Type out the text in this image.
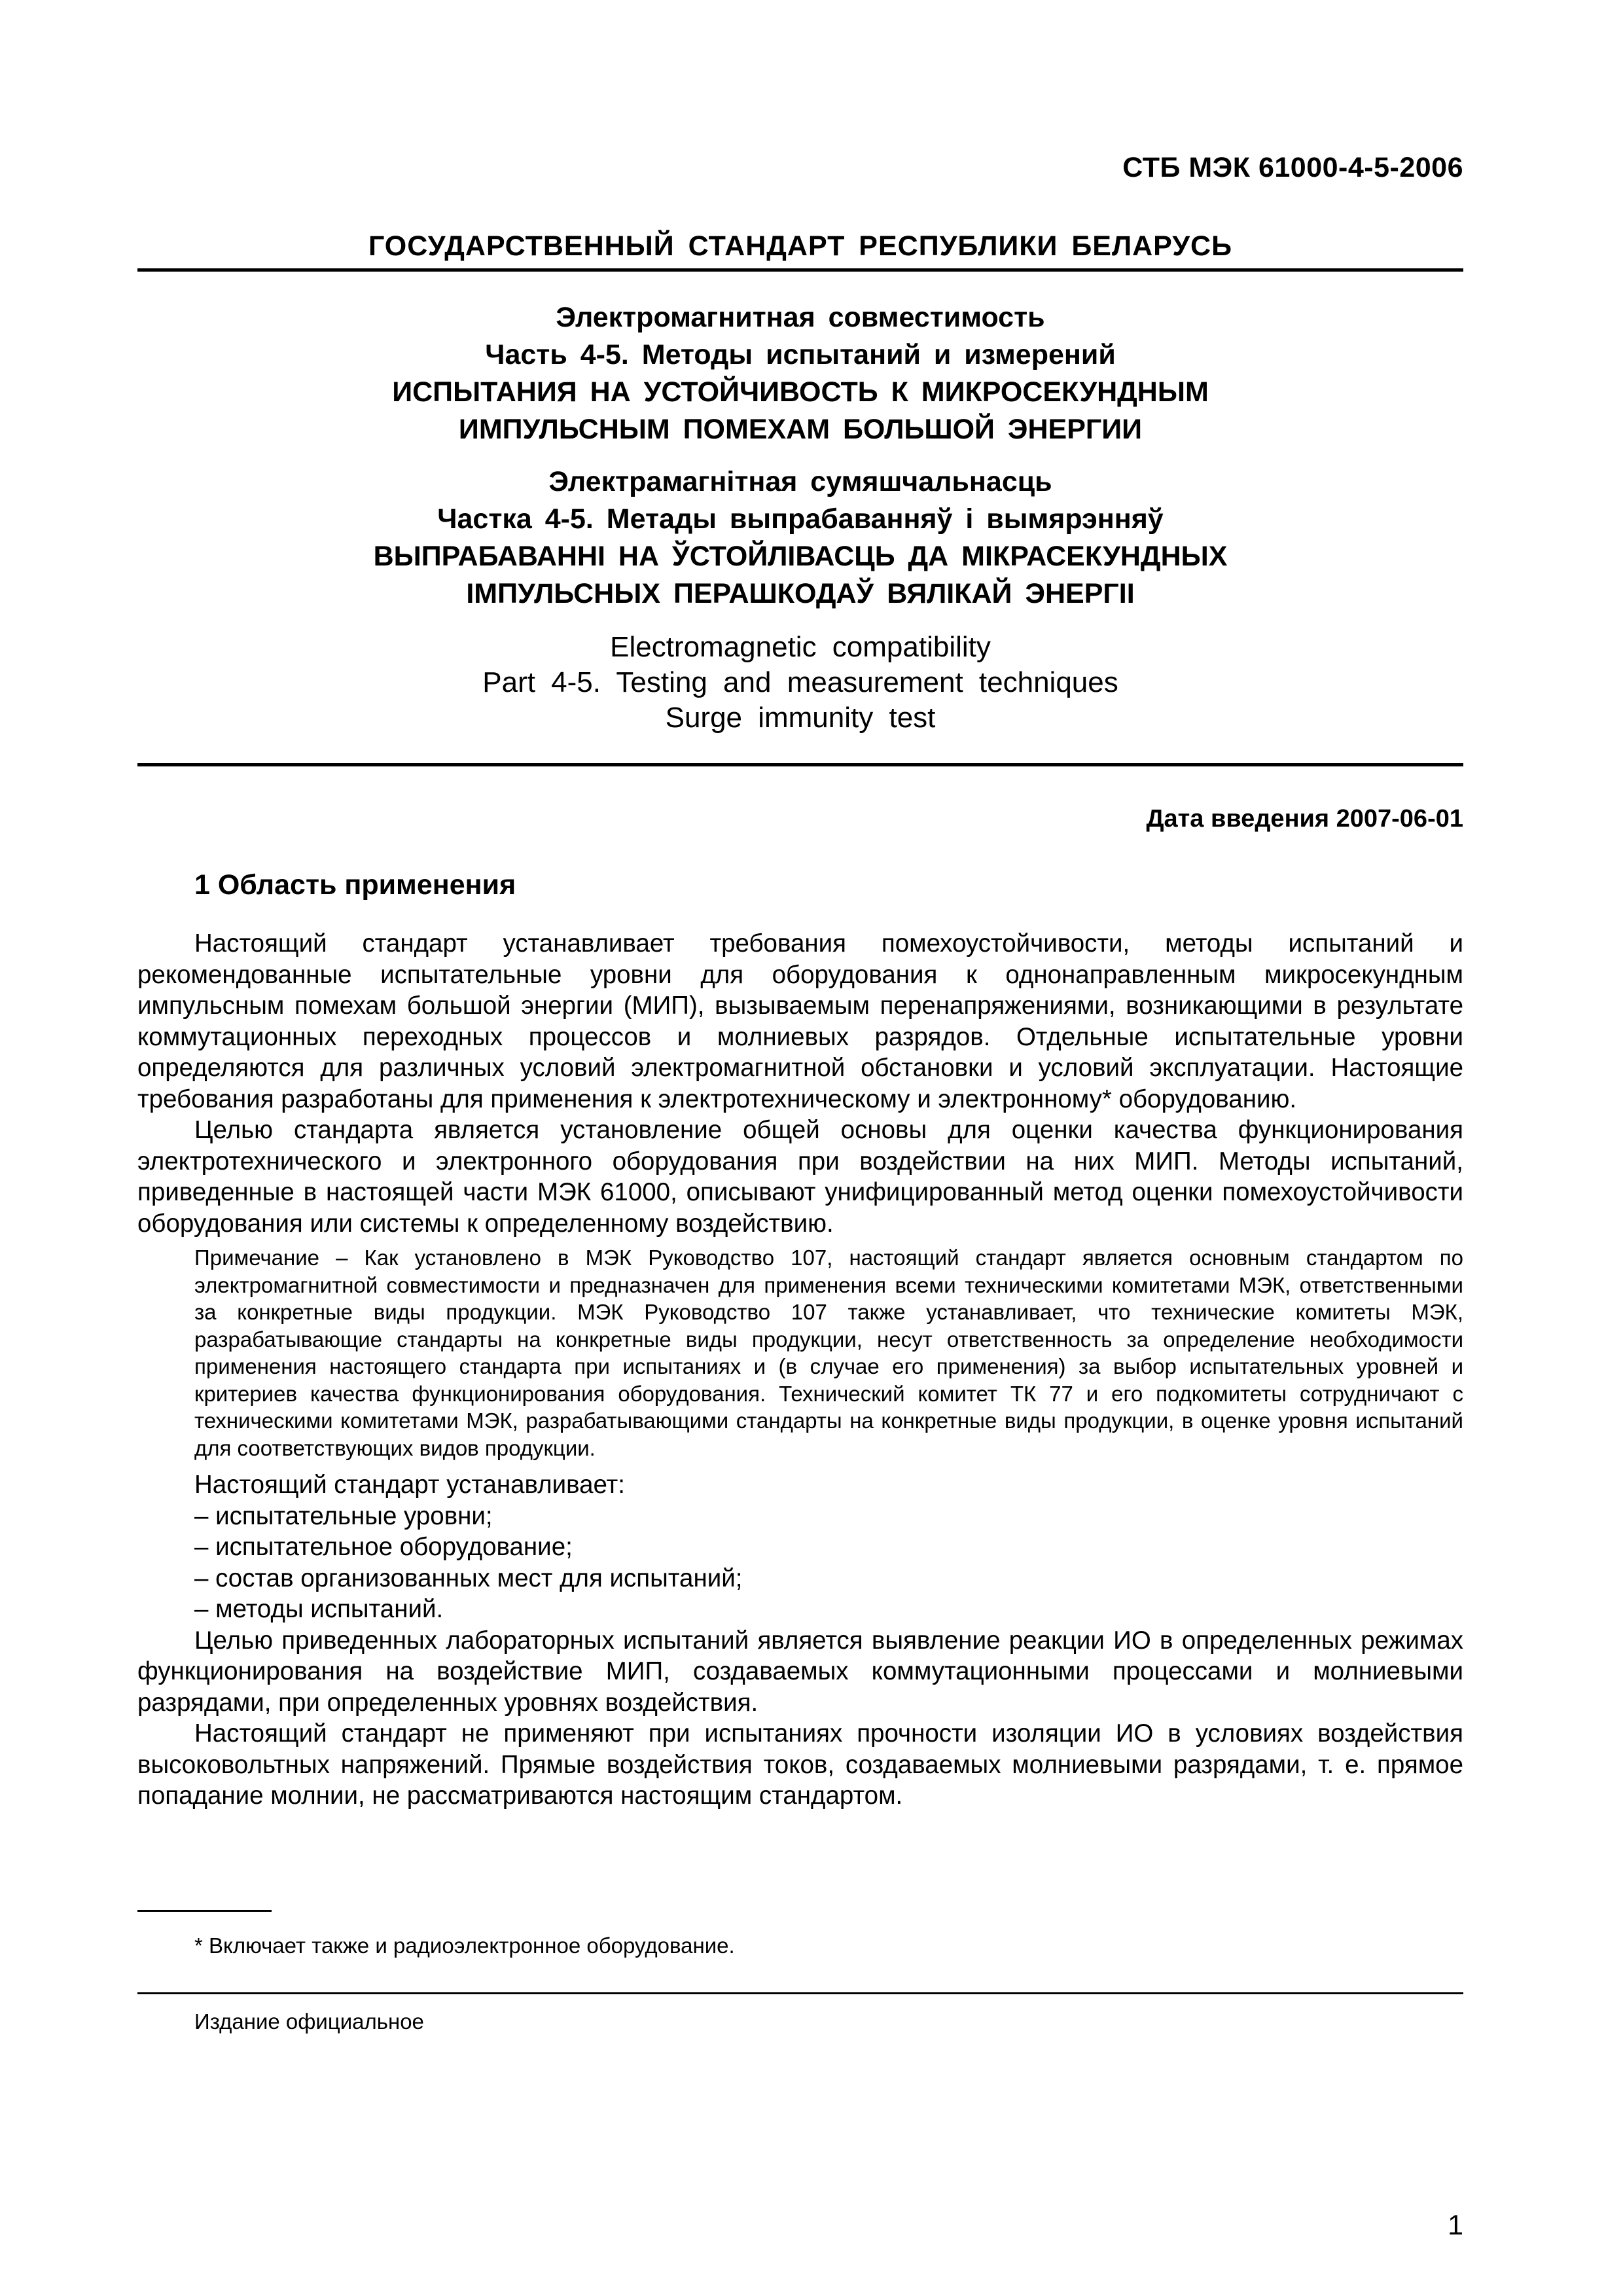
СТБ МЭК 61000-4-5-2006
ГОСУДАРСТВЕННЫЙ СТАНДАРТ РЕСПУБЛИКИ БЕЛАРУСЬ
Электромагнитная совместимость
Часть 4-5. Методы испытаний и измерений
ИСПЫТАНИЯ НА УСТОЙЧИВОСТЬ К МИКРОСЕКУНДНЫМ
ИМПУЛЬСНЫМ ПОМЕХАМ БОЛЬШОЙ ЭНЕРГИИ
Электрамагнітная сумяшчальнасць
Частка 4-5. Метады выпрабаванняў і вымярэнняў
ВЫПРАБАВАННІ НА ЎСТОЙЛІВАСЦЬ ДА МІКРАСЕКУНДНЫХ
ІМПУЛЬСНЫХ ПЕРАШКОДАЎ ВЯЛІКАЙ ЭНЕРГІІ
Electromagnetic compatibility
Part 4-5. Testing and measurement techniques
Surge immunity test
Дата введения 2007-06-01
1 Область применения

Настоящий стандарт устанавливает требования помехоустойчивости, методы испытаний и рекомендованные испытательные уровни для оборудования к однонаправленным микросекундным импульсным помехам большой энергии (МИП), вызываемым перенапряжениями, возникающими в результате коммутационных переходных процессов и молниевых разрядов. Отдельные испытательные уровни определяются для различных условий электромагнитной обстановки и условий эксплуатации. Настоящие требования разработаны для применения к электротехническому и электронному* оборудованию.

Целью стандарта является установление общей основы для оценки качества функционирования электротехнического и электронного оборудования при воздействии на них МИП. Методы испытаний, приведенные в настоящей части МЭК 61000, описывают унифицированный метод оценки помехоустойчивости оборудования или системы к определенному воздействию.

Примечание – Как установлено в МЭК Руководство 107, настоящий стандарт является основным стандартом по электромагнитной совместимости и предназначен для применения всеми техническими комитетами МЭК, ответственными за конкретные виды продукции. МЭК Руководство 107 также устанавливает, что технические комитеты МЭК, разрабатывающие стандарты на конкретные виды продукции, несут ответственность за определение необходимости применения настоящего стандарта при испытаниях и (в случае его применения) за выбор испытательных уровней и критериев качества функционирования оборудования. Технический комитет ТК 77 и его подкомитеты сотрудничают с техническими комитетами МЭК, разрабатывающими стандарты на конкретные виды продукции, в оценке уровня испытаний для соответствующих видов продукции.

Настоящий стандарт устанавливает:

– испытательные уровни;

– испытательное оборудование;

– состав организованных мест для испытаний;

– методы испытаний.

Целью приведенных лабораторных испытаний является выявление реакции ИО в определенных режимах функционирования на воздействие МИП, создаваемых коммутационными процессами и молниевыми разрядами, при определенных уровнях воздействия.

Настоящий стандарт не применяют при испытаниях прочности изоляции ИО в условиях воздействия высоковольтных напряжений. Прямые воздействия токов, создаваемых молниевыми разрядами, т. е. прямое попадание молнии, не рассматриваются настоящим стандартом.

* Включает также и радиоэлектронное оборудование.
Издание официальное
1
